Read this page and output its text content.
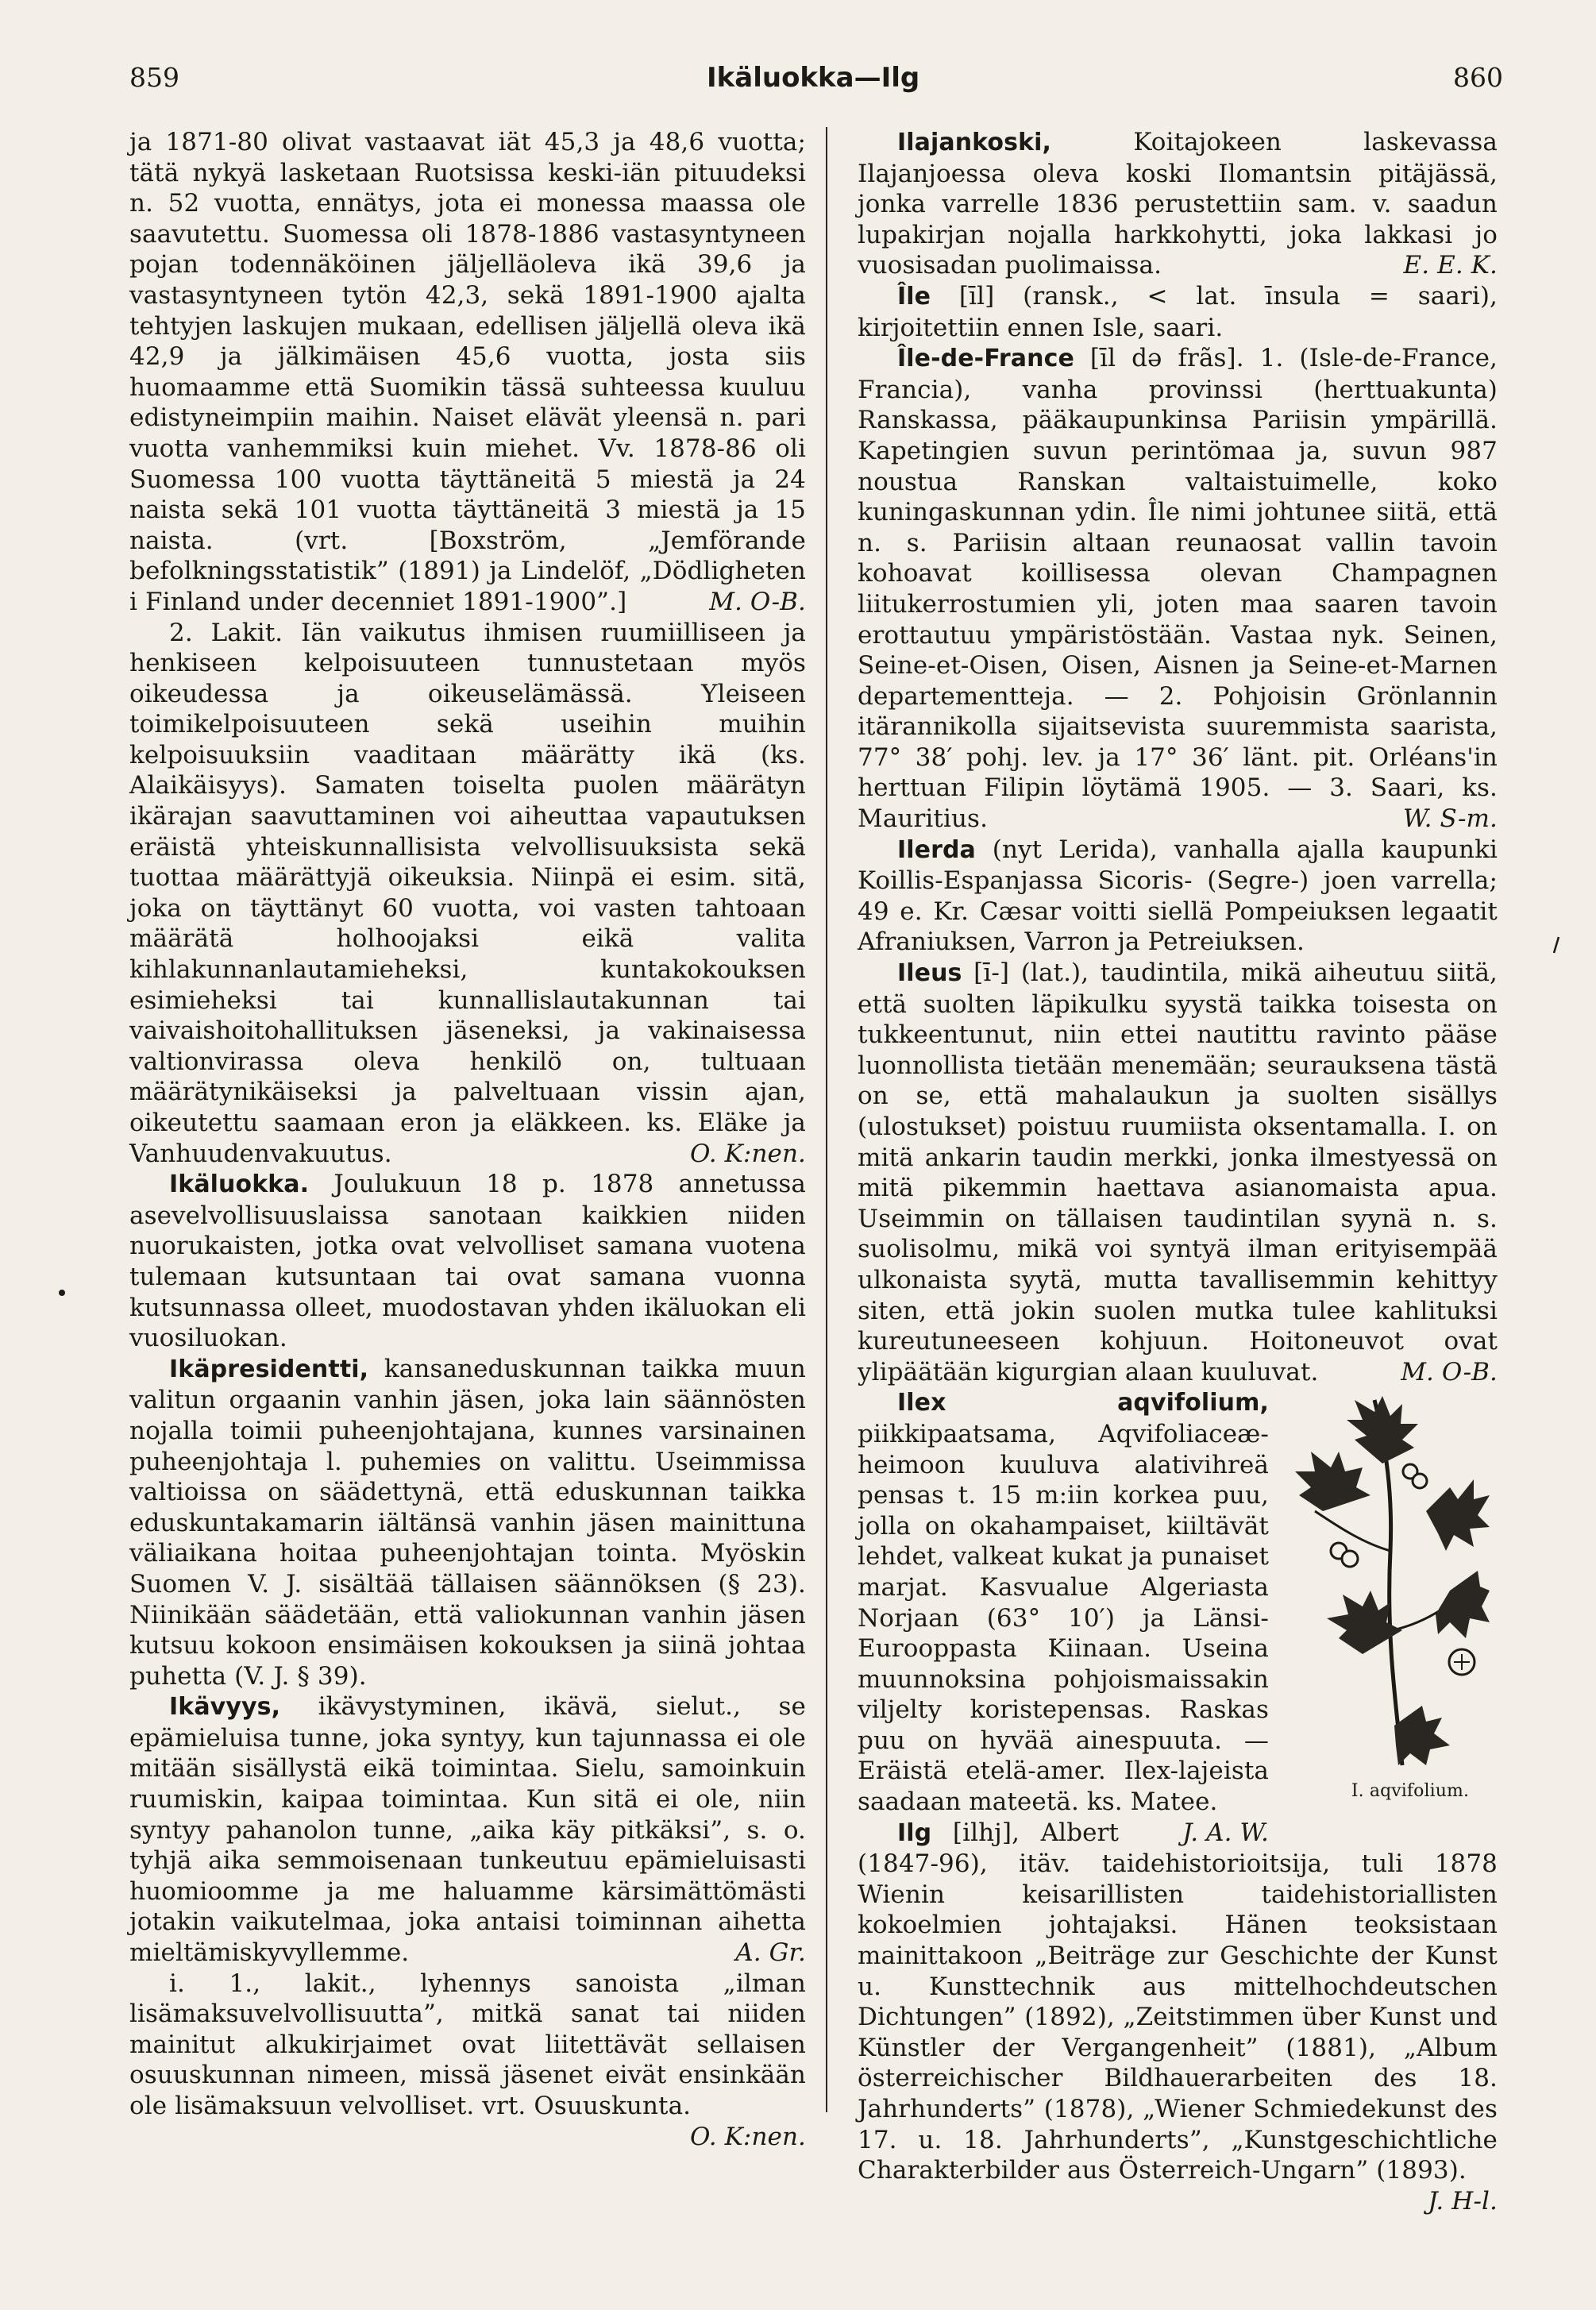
859	Ikäluokka—Ilg	860

ja 1871-80 olivat vastaavat iät 45,3 ja 48,6 vuotta; tätä nykyä lasketaan Ruotsissa keski-iän pituudeksi n. 52 vuotta, ennätys, jota ei monessa maassa ole saavutettu. Suomessa oli 1878-1886 vastasyntyneen pojan todennäköinen jäljelläoleva ikä 39,6 ja vastasyntyneen tytön 42,3, sekä 1891-1900 ajalta tehtyjen laskujen mukaan, edellisen jäljellä oleva ikä 42,9 ja jälkimäisen 45,6 vuotta, josta siis huomaamme että Suomikin tässä suhteessa kuuluu edistyneimpiin maihin. Naiset elävät yleensä n. pari vuotta vanhemmiksi kuin miehet. Vv. 1878-86 oli Suomessa 100 vuotta täyttäneitä 5 miestä ja 24 naista sekä 101 vuotta täyttäneitä 3 miestä ja 15 naista. (vrt. [Boxström, „Jemförande befolkningsstatistik” (1891) ja Lindelöf, „Dödligheten i Finland under decenniet 1891-1900”.]	M. O-B.

2. Lakit. Iän vaikutus ihmisen ruumiilliseen ja henkiseen kelpoisuuteen tunnustetaan myös oikeudessa ja oikeuselämässä. Yleiseen toimikelpoisuuteen sekä useihin muihin kelpoisuuksiin vaaditaan määrätty ikä (ks. Alaikäisyys). Samaten toiselta puolen määrätyn ikärajan saavuttaminen voi aiheuttaa vapautuksen eräistä yhteiskunnallisista velvollisuuksista sekä tuottaa määrättyjä oikeuksia. Niinpä ei esim. sitä, joka on täyttänyt 60 vuotta, voi vasten tahtoaan määrätä holhoojaksi eikä valita kihlakunnanlautamieheksi, kuntakokouksen esimieheksi tai kunnallislautakunnan tai vaivaishoitohallituksen jäseneksi, ja vakinaisessa valtionvirassa oleva henkilö on, tultuaan määrätynikäiseksi ja palveltuaan vissin ajan, oikeutettu saamaan eron ja eläkkeen. ks. Eläke ja Vanhuudenvakuutus.	O. K:nen.

Ikäluokka. Joulukuun 18 p. 1878 annetussa asevelvollisuuslaissa sanotaan kaikkien niiden nuorukaisten, jotka ovat velvolliset samana vuotena tulemaan kutsuntaan tai ovat samana vuonna kutsunnassa olleet, muodostavan yhden ikäluokan eli vuosiluokan.

Ikäpresidentti, kansaneduskunnan taikka muun valitun orgaanin vanhin jäsen, joka lain säännösten nojalla toimii puheenjohtajana, kunnes varsinainen puheenjohtaja l. puhemies on valittu. Useimmissa valtioissa on säädettynä, että eduskunnan taikka eduskuntakamarin iältänsä vanhin jäsen mainittuna väliaikana hoitaa puheenjohtajan tointa. Myöskin Suomen V. J. sisältää tällaisen säännöksen (§ 23). Niinikään säädetään, että valiokunnan vanhin jäsen kutsuu kokoon ensimäisen kokouksen ja siinä johtaa puhetta (V. J. § 39).

Ikävyys, ikävystyminen, ikävä, sielut., se epämieluisa tunne, joka syntyy, kun tajunnassa ei ole mitään sisällystä eikä toimintaa. Sielu, samoinkuin ruumiskin, kaipaa toimintaa. Kun sitä ei ole, niin syntyy pahanolon tunne, „aika käy pitkäksi”, s. o. tyhjä aika semmoisenaan tunkeutuu epämieluisasti huomioomme ja me haluamme kärsimättömästi jotakin vaikutelmaa, joka antaisi toiminnan aihetta mieltämiskyvyllemme.	A. Gr.

i. 1., lakit., lyhennys sanoista „ilman lisämaksuvelvollisuutta”, mitkä sanat tai niiden mainitut alkukirjaimet ovat liitettävät sellaisen osuuskunnan nimeen, missä jäsenet eivät ensinkään ole lisämaksuun velvolliset. vrt. Osuuskunta.
O. K:nen.

Ilajankoski,	Koitajokeen laskevassa Ilajanjoessa oleva koski Ilomantsin pitäjässä, jonka varrelle 1836 perustettiin sam. v. saadun lupakirjan nojalla harkkohytti, joka lakkasi jo vuosisadan puolimaissa.	E. E. K.

Île [īl] (ransk., < lat. īnsula = saari), kirjoitettiin ennen Isle, saari.

Île-de-France [īl də frãs]. 1. (Isle-de-France, Francia), vanha provinssi (herttuakunta) Ranskassa, pääkaupunkinsa Pariisin ympärillä. Kapetingien suvun perintömaa ja, suvun 987 noustua Ranskan valtaistuimelle, koko kuningaskunnan ydin. Île nimi johtunee siitä, että n. s. Pariisin altaan reunaosat vallin tavoin kohoavat koillisessa olevan Champagnen liitukerrostumien yli, joten maa saaren tavoin erottautuu ympäristöstään. Vastaa nyk. Seinen, Seine-et-Oisen, Oisen, Aisnen ja Seine-et-Marnen departementteja. — 2. Pohjoisin Grönlannin itärannikolla sijaitsevista suuremmista saarista, 77° 38′ pohj. lev. ja 17° 36′ länt. pit. Orléans'in herttuan Filipin löytämä 1905. — 3. Saari, ks. Mauritius.	W. S-m.

Ilerda (nyt Lerida), vanhalla ajalla kaupunki Koillis-Espanjassa Sicoris- (Segre-) joen varrella; 49 e. Kr. Cæsar voitti siellä Pompeiuksen legaatit Afraniuksen, Varron ja Petreiuksen.

Ileus [ī-] (lat.), taudintila, mikä aiheutuu siitä, että suolten läpikulku syystä taikka toisesta on tukkeentunut, niin ettei nautittu ravinto pääse luonnollista tietään menemään; seurauksena tästä on se, että mahalaukun ja suolten sisällys (ulostukset) poistuu ruumiista oksentamalla. I. on mitä ankarin taudin merkki, jonka ilmestyessä on mitä pikemmin haettava asianomaista apua. Useimmin on tällaisen taudintilan syynä n. s. suolisolmu, mikä voi syntyä ilman erityisempää ulkonaista syytä, mutta tavallisemmin kehittyy siten, että jokin suolen mutka tulee kahlituksi kureutuneeseen kohjuun. Hoitoneuvot ovat ylipäätään kigurgian alaan kuuluvat.	M. O-B.

I. aqvifolium.
Ilex aqvifolium, piikkipaatsama, Aqvifoliaceæ-heimoon kuuluva alativihreä pensas t. 15 m:iin korkea puu, jolla on okahampaiset, kiiltävät lehdet, valkeat kukat ja punaiset marjat. Kasvualue Algeriasta Norjaan (63° 10′) ja Länsi-Eurooppasta Kiinaan. Useina muunnoksina pohjoismaissakin viljelty koristepensas. Raskas puu on hyvää ainespuuta. — Eräistä etelä-amer. Ilex-lajeista saadaan mateetä. ks. Matee.
J. A. W.

Ilg [ilhj], Albert (1847-96), itäv. taidehistorioitsija, tuli 1878 Wienin keisarillisten taidehistoriallisten kokoelmien johtajaksi. Hänen teoksistaan mainittakoon „Beiträge zur Geschichte der Kunst u. Kunsttechnik aus mittelhochdeutschen Dichtungen” (1892), „Zeitstimmen über Kunst und Künstler der Vergangenheit” (1881), „Album österreichischer Bildhauerarbeiten des 18. Jahrhunderts” (1878), „Wiener Schmiedekunst des 17. u. 18. Jahrhunderts”, „Kunstgeschichtliche Charakterbilder aus Österreich-Ungarn” (1893).
J. H-l.
